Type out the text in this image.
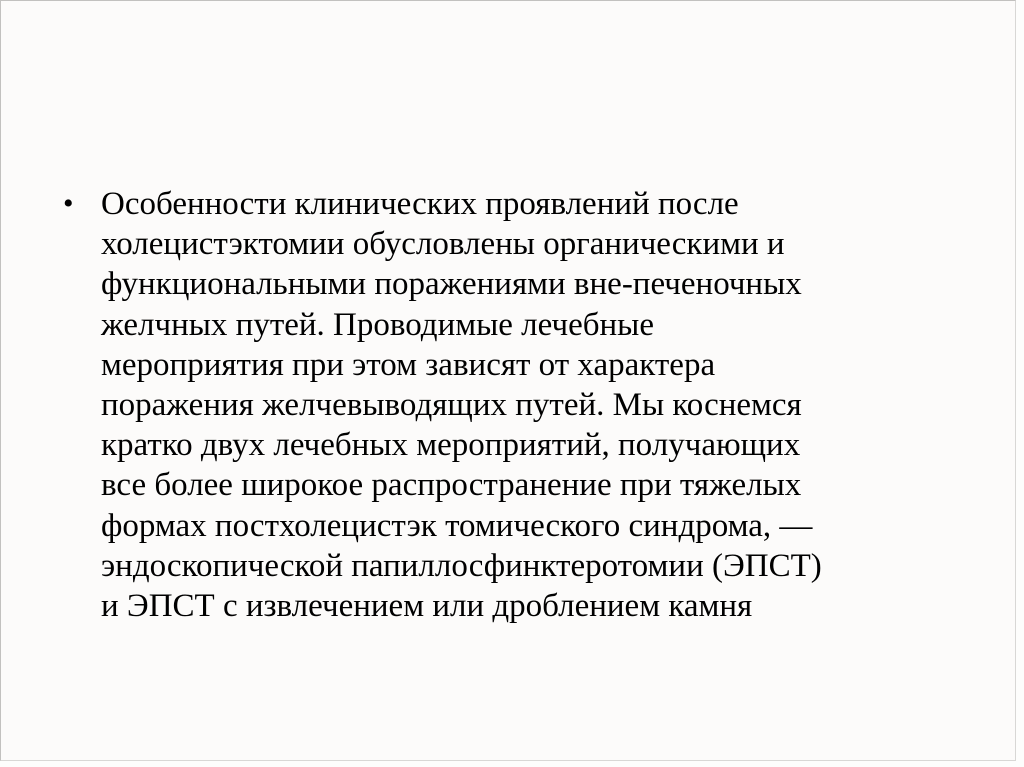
• Особенности клинических проявлений после
холецистэктомии обусловлены органическими и
функциональными поражениями вне-печеночных
желчных путей. Проводимые лечебные
мероприятия при этом зависят от характера
поражения желчевыводящих путей. Мы коснемся
кратко двух лечебных мероприятий, получающих
все более широкое распространение при тяжелых
формах постхолецистэк томического синдрома, —
эндоскопической папиллосфинктеротомии (ЭПСТ)
и ЭПСТ с извлечением или дроблением камня
